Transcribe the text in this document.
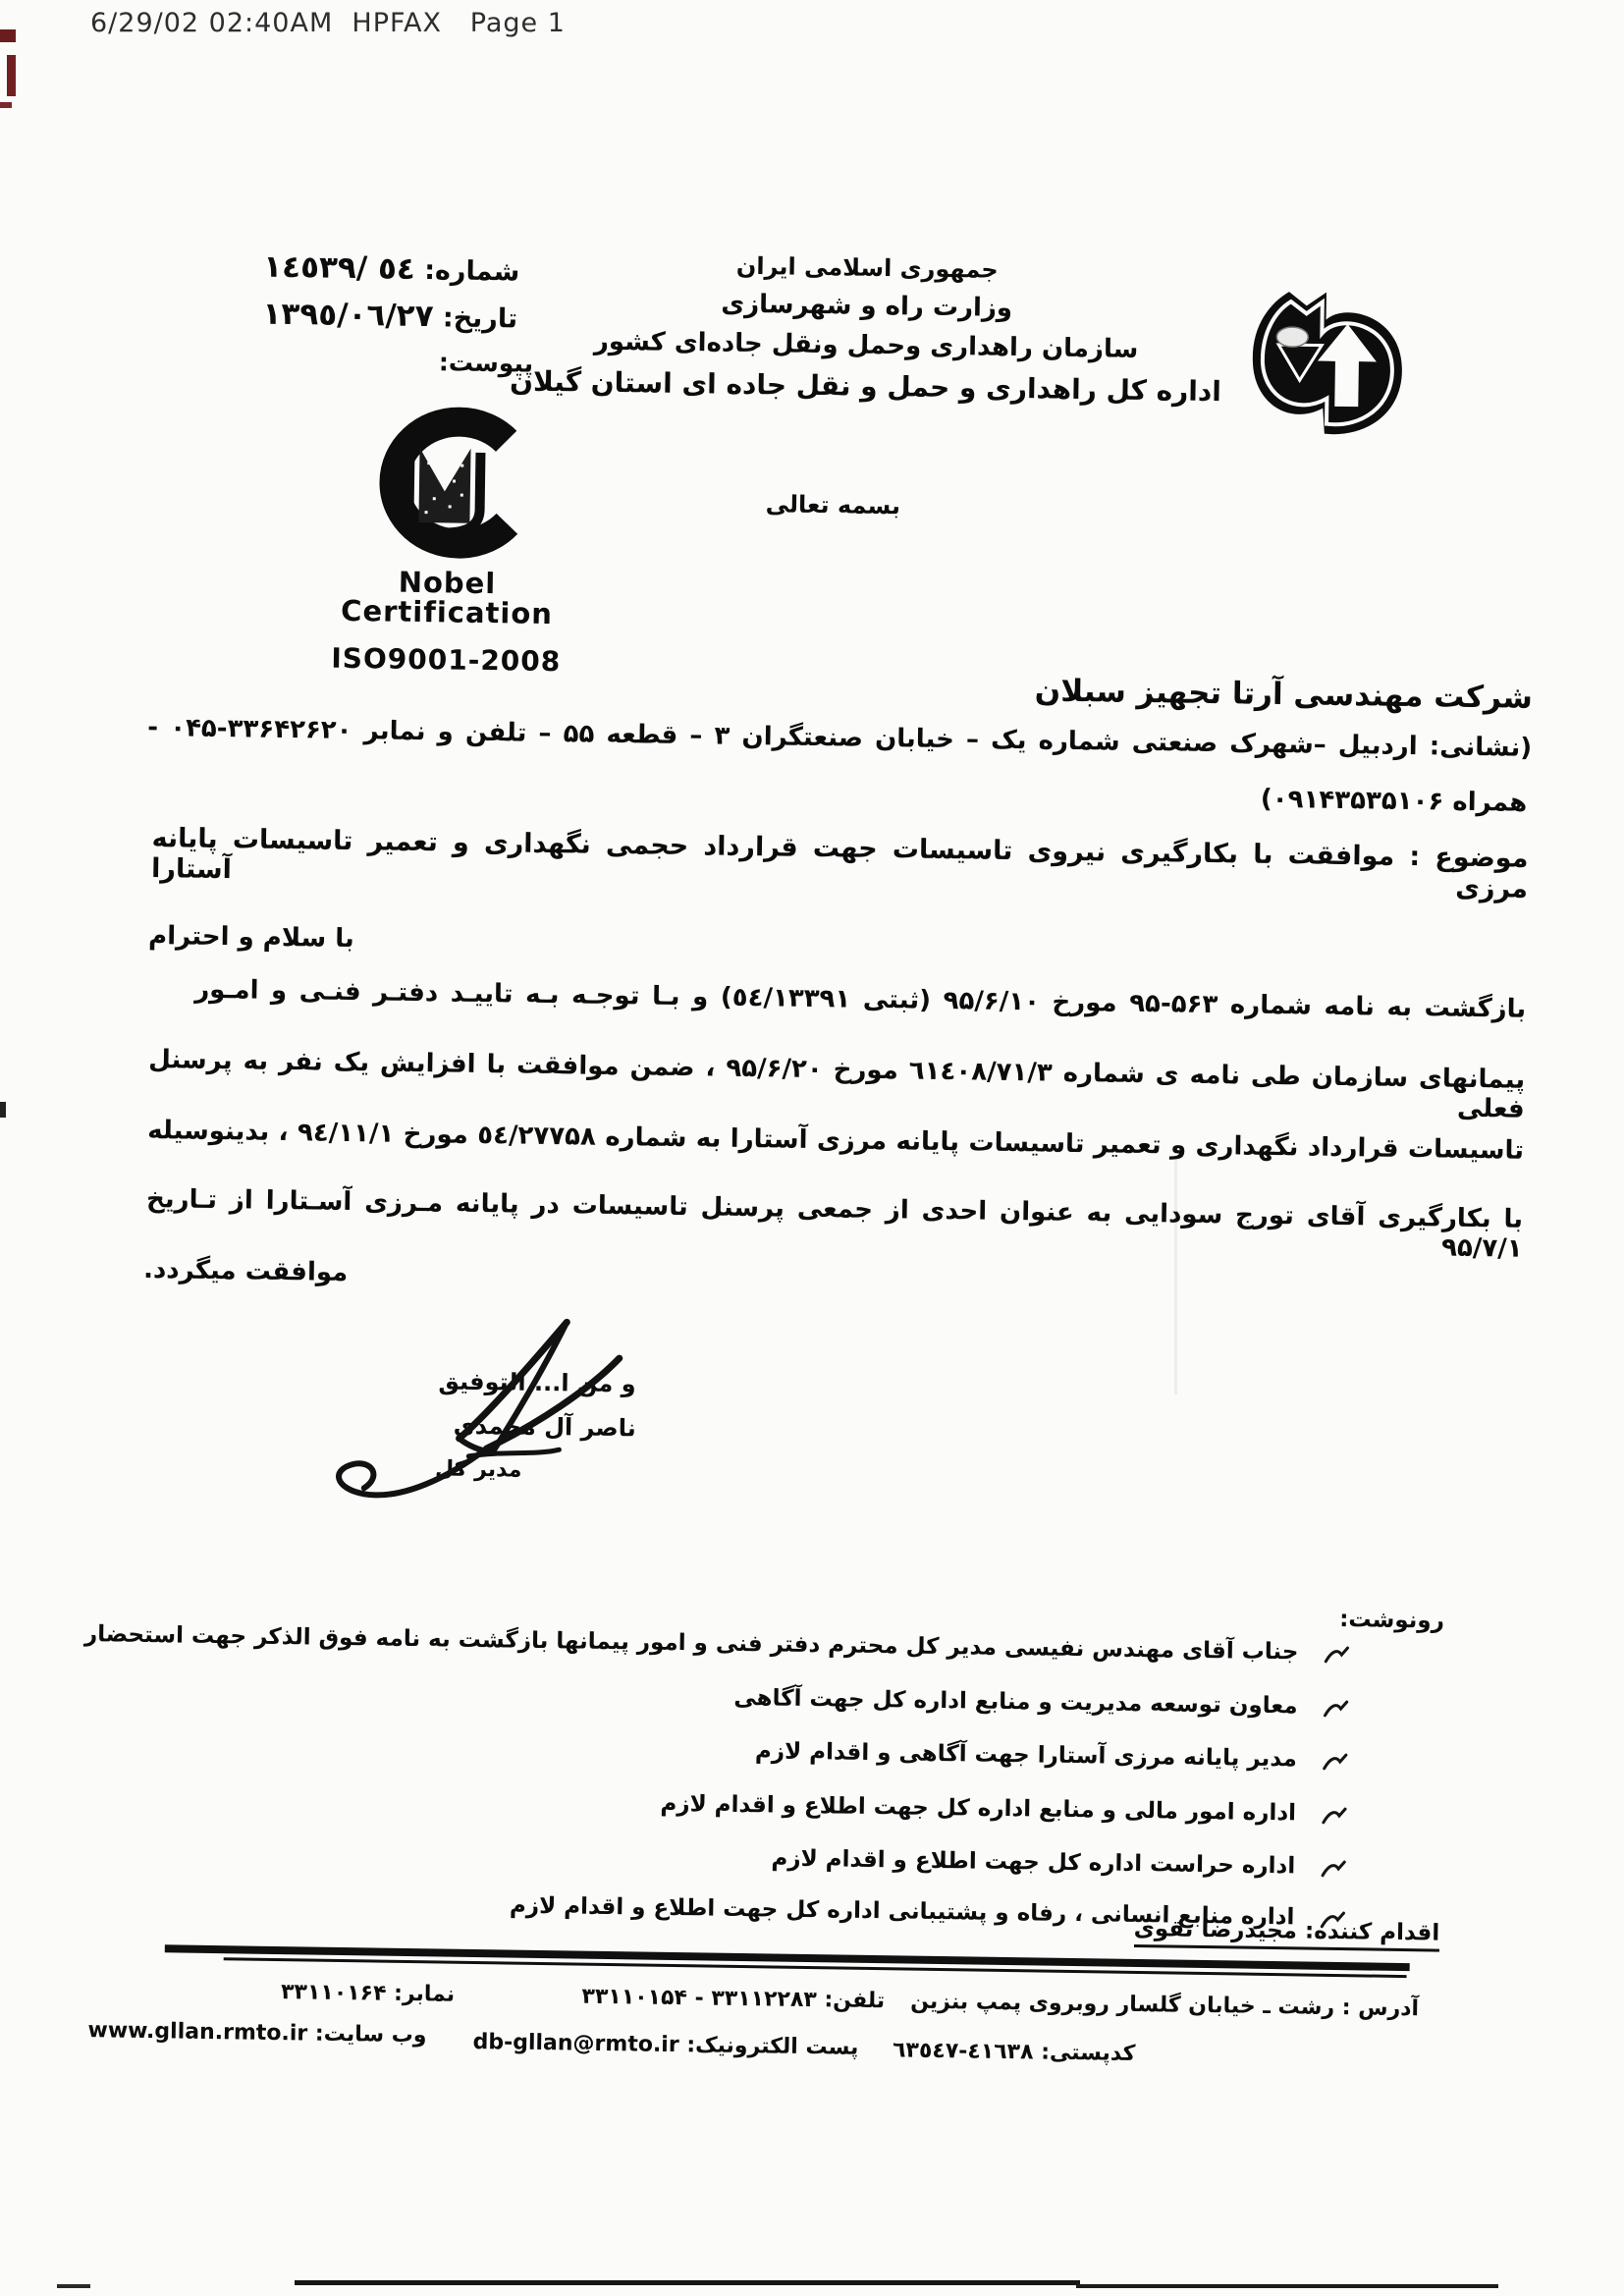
6/29/02 02:40AM  HPFAX   Page 1
جمهوری اسلامی ایران
وزارت راه و شهرسازی
سازمان راهداری وحمل ونقل جاده‌ای کشور
اداره کل راهداری و حمل و نقل جاده ای استان گیلان
شماره: ٥٤ /١٤٥٣٩
تاریخ: ١٣٩٥/٠٦/٢٧
پیوست:
Nobel
Certification
ISO9001-2008
بسمه تعالی
شرکت مهندسی آرتا تجهیز سبلان
(نشانی: اردبیل –شهرک صنعتی شماره یک – خیابان صنعتگران ۳ – قطعه ۵۵ – تلفن و نمابر ۳۳۶۴۲۶۲۰-۰۴۵ -
همراه ۰۹۱۴۳۵۳۵۱۰۶)
موضوع : موافقت با بکارگیری نیروی تاسیسات جهت قرارداد حجمی نگهداری و تعمیر تاسیسات پایانه مرزی آستارا
با سلام و احترام
بازگشت به نامه شماره ۵۶۳-۹۵ مورخ ۹۵/۶/۱۰ (ثبتی ٥٤/۱۳۳۹۱) و بـا توجـه بـه تاییـد دفتـر فنـی و امـور
پیمانهای سازمان طی نامه ی شماره ٦١٤٠٨/۷۱/۳ مورخ ۹۵/۶/۲۰ ، ضمن موافقت با افزایش یک نفر به پرسنل فعلی
تاسیسات قرارداد نگهداری و تعمیر تاسیسات پایانه مرزی آستارا به شماره ٥٤/۲۷۷۵۸ مورخ ٩٤/۱۱/۱ ، بدینوسیله
با بکارگیری آقای تورج سودایی به عنوان احدی از جمعی پرسنل تاسیسات در پایانه مـرزی آسـتارا از تـاریخ ۹۵/۷/۱
موافقت میگردد.
و من ا... التوفیق
ناصر آل محمدی
مدیر کل
رونوشت:
جناب آقای مهندس نفیسی مدیر کل محترم دفتر فنی و امور پیمانها بازگشت به نامه فوق الذکر جهت استحضار
معاون توسعه مدیریت و منابع اداره کل جهت آگاهی
مدیر پایانه مرزی آستارا جهت آگاهی و اقدام لازم
اداره امور مالی و منابع اداره کل جهت اطلاع و اقدام لازم
اداره حراست اداره کل جهت اطلاع و اقدام لازم
اداره منابع انسانی ، رفاه و پشتیبانی اداره کل جهت اطلاع و اقدام لازم
اقدام کننده: مجیدرضا نقوی
آدرس : رشت ـ خیابان گلسار روبروی پمپ بنزین
تلفن: ۳۳۱۱۲۲۸۳ - ۳۳۱۱۰۱۵۴
نمابر: ۳۳۱۱۰۱۶۴
کدپستی: ٤١٦٣٨-٦٣٥٤٧
پست الکترونیک: db-gllan@rmto.ir
وب سایت: www.gllan.rmto.ir
